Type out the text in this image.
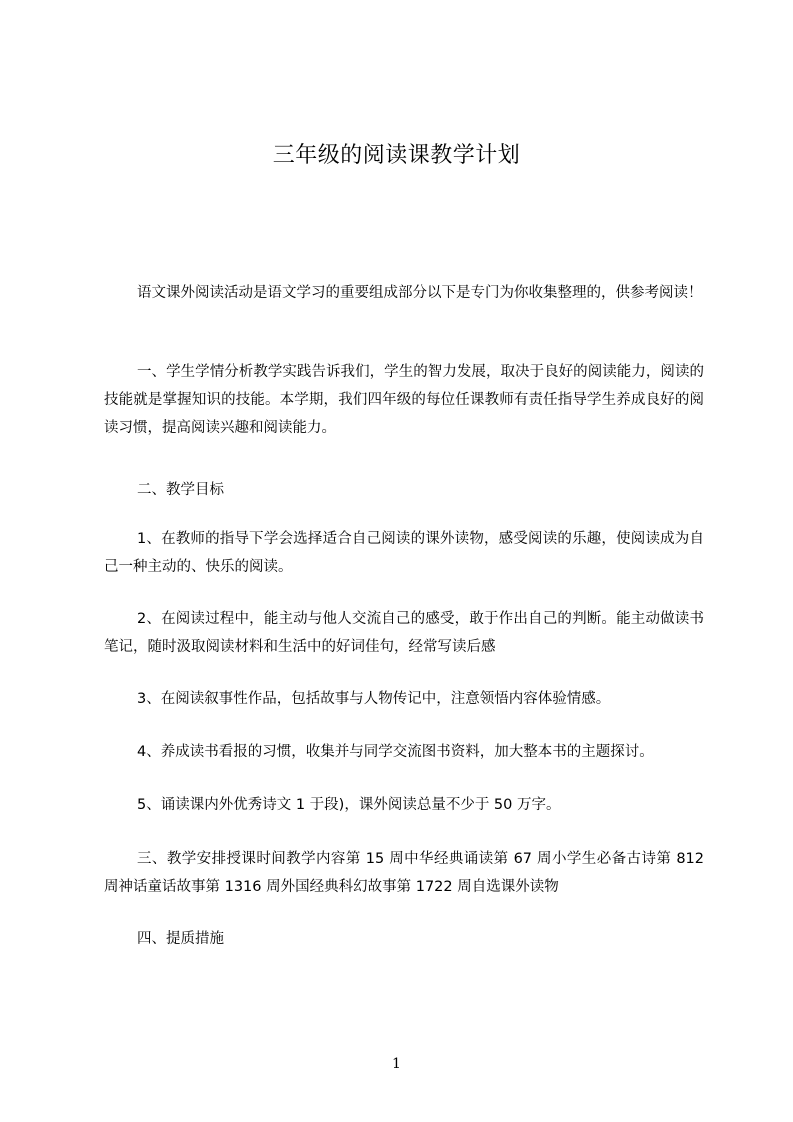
三年级的阅读课教学计划

语文课外阅读活动是语文学习的重要组成部分以下是专门为你收集整理的，供参考阅读！

一、学生学情分析教学实践告诉我们，学生的智力发展，取决于良好的阅读能力，阅读的技能就是掌握知识的技能。本学期，我们四年级的每位任课教师有责任指导学生养成良好的阅读习惯，提高阅读兴趣和阅读能力。

二、教学目标

1、在教师的指导下学会选择适合自己阅读的课外读物，感受阅读的乐趣，使阅读成为自己一种主动的、快乐的阅读。

2、在阅读过程中，能主动与他人交流自己的感受，敢于作出自己的判断。能主动做读书笔记，随时汲取阅读材料和生活中的好词佳句，经常写读后感

3、在阅读叙事性作品，包括故事与人物传记中，注意领悟内容体验情感。

4、养成读书看报的习惯，收集并与同学交流图书资料，加大整本书的主题探讨。

5、诵读课内外优秀诗文 1 于段)，课外阅读总量不少于 50 万字。

三、教学安排授课时间教学内容第 15 周中华经典诵读第 67 周小学生必备古诗第 812 周神话童话故事第 1316 周外国经典科幻故事第 1722 周自选课外读物

四、提质措施

1
